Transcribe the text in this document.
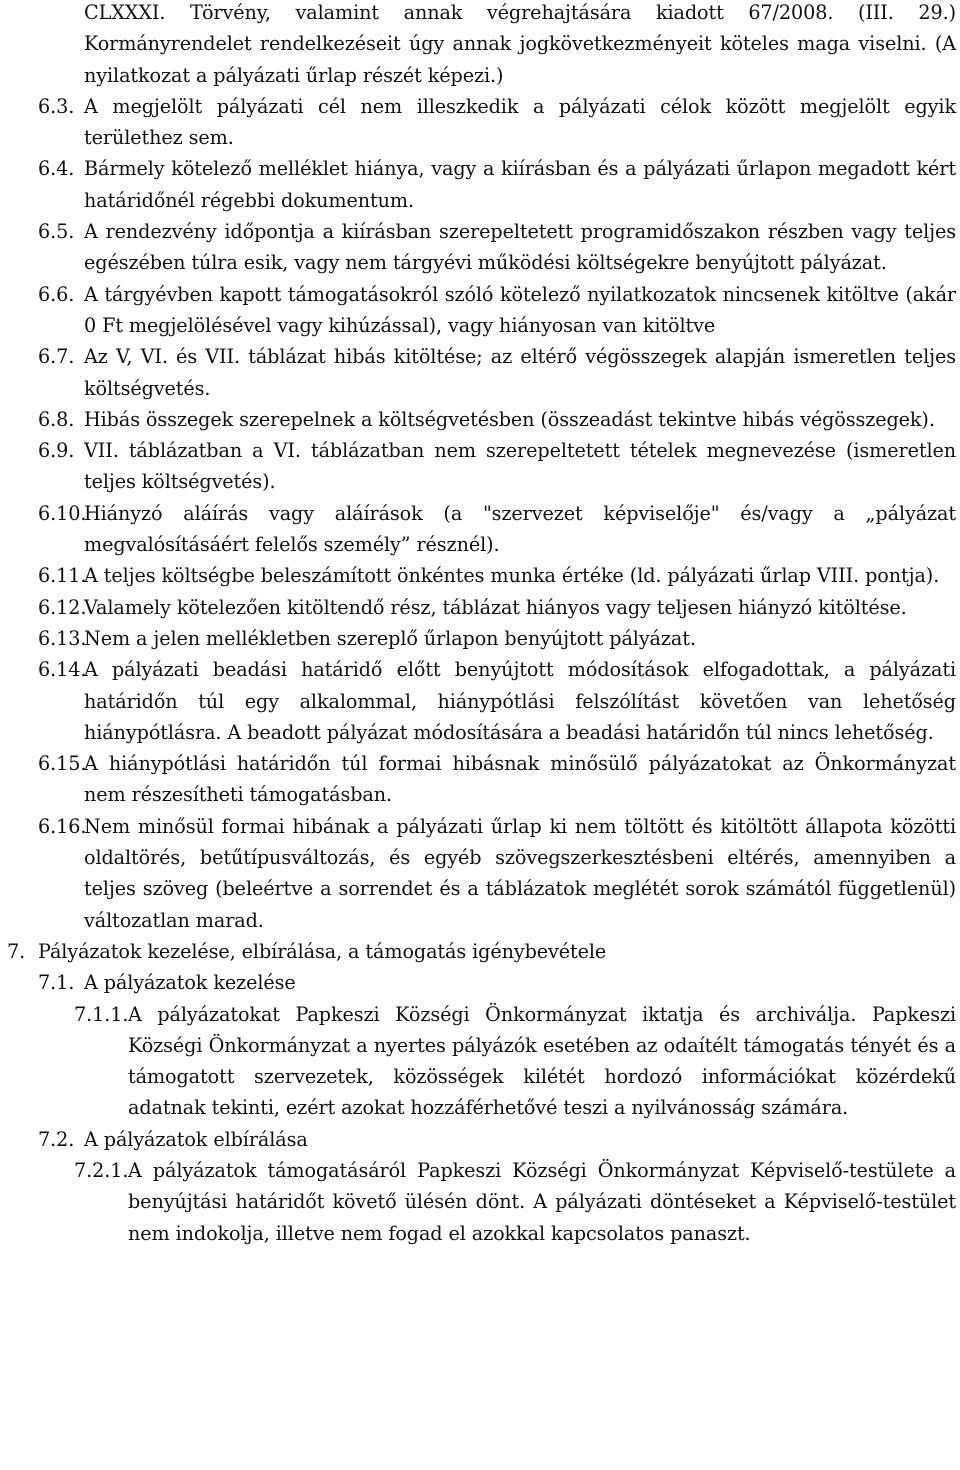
CLXXXI. Törvény, valamint annak végrehajtására kiadott 67/2008. (III. 29.) Kormányrendelet rendelkezéseit úgy annak jogkövetkezményeit köteles maga viselni. (A nyilatkozat a pályázati űrlap részét képezi.)
6.3. A megjelölt pályázati cél nem illeszkedik a pályázati célok között megjelölt egyik területhez sem.
6.4. Bármely kötelező melléklet hiánya, vagy a kiírásban és a pályázati űrlapon megadott kért határidőnél régebbi dokumentum.
6.5. A rendezvény időpontja a kiírásban szerepeltetett programidőszakon részben vagy teljes egészében túlra esik, vagy nem tárgyévi működési költségekre benyújtott pályázat.
6.6. A tárgyévben kapott támogatásokról szóló kötelező nyilatkozatok nincsenek kitöltve (akár 0 Ft megjelölésével vagy kihúzással), vagy hiányosan van kitöltve
6.7. Az V, VI. és VII. táblázat hibás kitöltése; az eltérő végösszegek alapján ismeretlen teljes költségvetés.
6.8. Hibás összegek szerepelnek a költségvetésben (összeadást tekintve hibás végösszegek).
6.9. VII. táblázatban a VI. táblázatban nem szerepeltetett tételek megnevezése (ismeretlen teljes költségvetés).
6.10.
Hiányzó aláírás vagy aláírások (a "szervezet képviselője" és/vagy a „pályázat megvalósításáért felelős személy” résznél).
6.11.
A teljes költségbe beleszámított önkéntes munka értéke (ld. pályázati űrlap VIII. pontja).
6.12.
Valamely kötelezően kitöltendő rész, táblázat hiányos vagy teljesen hiányzó kitöltése.
6.13.
Nem a jelen mellékletben szereplő űrlapon benyújtott pályázat.
6.14.
A pályázati beadási határidő előtt benyújtott módosítások elfogadottak, a pályázati határidőn túl egy alkalommal, hiánypótlási felszólítást követően van lehetőség hiánypótlásra. A beadott pályázat módosítására a beadási határidőn túl nincs lehetőség.
6.15.
A hiánypótlási határidőn túl formai hibásnak minősülő pályázatokat az Önkormányzat nem részesítheti támogatásban.
6.16.
Nem minősül formai hibának a pályázati űrlap ki nem töltött és kitöltött állapota közötti oldaltörés, betűtípusváltozás, és egyéb szövegszerkesztésbeni eltérés, amennyiben a teljes szöveg (beleértve a sorrendet és a táblázatok meglétét sorok számától függetlenül) változatlan marad.
7. Pályázatok kezelése, elbírálása, a támogatás igénybevétele
7.1. A pályázatok kezelése
7.1.1. A pályázatokat Papkeszi Községi Önkormányzat iktatja és archiválja. Papkeszi Községi Önkormányzat a nyertes pályázók esetében az odaítélt támogatás tényét és a támogatott szervezetek, közösségek kilétét hordozó információkat közérdekű adatnak tekinti, ezért azokat hozzáférhetővé teszi a nyilvánosság számára.
7.2. A pályázatok elbírálása
7.2.1. A pályázatok támogatásáról Papkeszi Községi Önkormányzat Képviselő-testülete a benyújtási határidőt követő ülésén dönt. A pályázati döntéseket a Képviselő-testület nem indokolja, illetve nem fogad el azokkal kapcsolatos panaszt.
